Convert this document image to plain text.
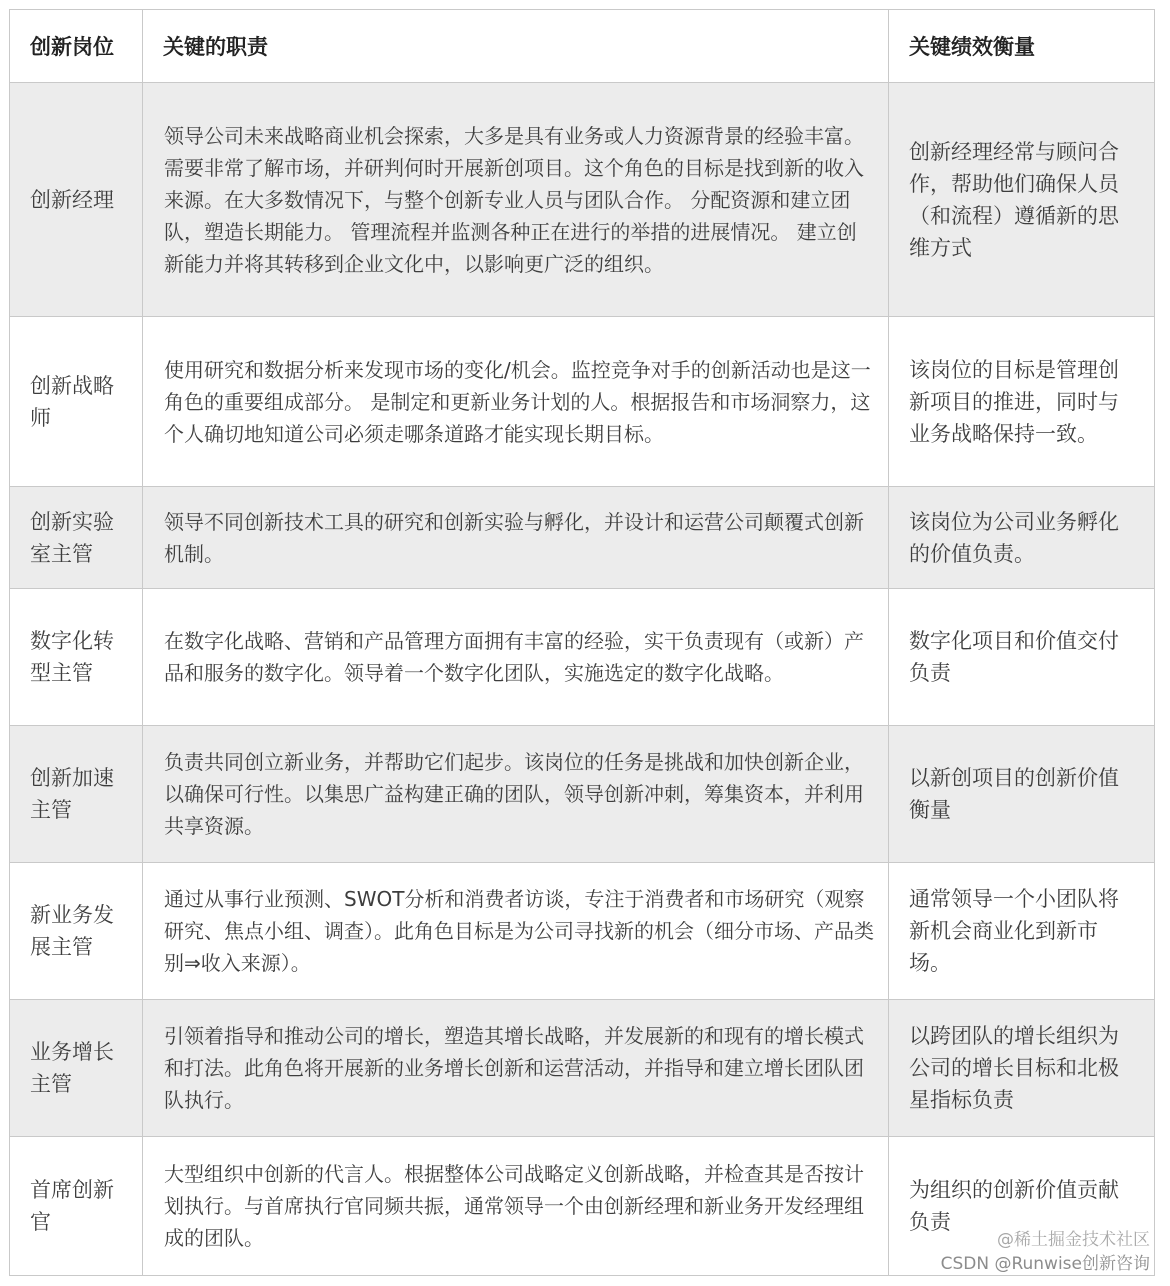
创新岗位	关键的职责	关键绩效衡量
创新经理	领导公司未来战略商业机会探索，大多是具有业务或人力资源背景的经验丰富。需要非常了解市场，并研判何时开展新创项目。这个角色的目标是找到新的收入来源。在大多数情况下，与整个创新专业人员与团队合作。 分配资源和建立团队，塑造长期能力。 管理流程并监测各种正在进行的举措的进展情况。 建立创新能力并将其转移到企业文化中，以影响更广泛的组织。	创新经理经常与顾问合作，帮助他们确保人员（和流程）遵循新的思维方式
创新战略师	使用研究和数据分析来发现市场的变化/机会。监控竞争对手的创新活动也是这一角色的重要组成部分。 是制定和更新业务计划的人。根据报告和市场洞察力，这个人确切地知道公司必须走哪条道路才能实现长期目标。	该岗位的目标是管理创新项目的推进，同时与业务战略保持一致。
创新实验室主管	领导不同创新技术工具的研究和创新实验与孵化，并设计和运营公司颠覆式创新机制。	该岗位为公司业务孵化的价值负责。
数字化转型主管	在数字化战略、营销和产品管理方面拥有丰富的经验，实干负责现有（或新）产品和服务的数字化。领导着一个数字化团队，实施选定的数字化战略。	数字化项目和价值交付负责
创新加速主管	负责共同创立新业务，并帮助它们起步。该岗位的任务是挑战和加快创新企业，以确保可行性。以集思广益构建正确的团队，领导创新冲刺，筹集资本，并利用共享资源。	以新创项目的创新价值衡量
新业务发展主管	通过从事行业预测、SWOT分析和消费者访谈，专注于消费者和市场研究（观察研究、焦点小组、调查）。此角色目标是为公司寻找新的机会（细分市场、产品类别⇒收入来源）。	通常领导一个小团队将新机会商业化到新市场。
业务增长主管	引领着指导和推动公司的增长，塑造其增长战略，并发展新的和现有的增长模式和打法。此角色将开展新的业务增长创新和运营活动，并指导和建立增长团队团队执行。	以跨团队的增长组织为公司的增长目标和北极星指标负责
首席创新官	大型组织中创新的代言人。根据整体公司战略定义创新战略，并检查其是否按计划执行。与首席执行官同频共振，通常领导一个由创新经理和新业务开发经理组成的团队。	为组织的创新价值贡献负责
@稀土掘金技术社区
CSDN @Runwise创新咨询
